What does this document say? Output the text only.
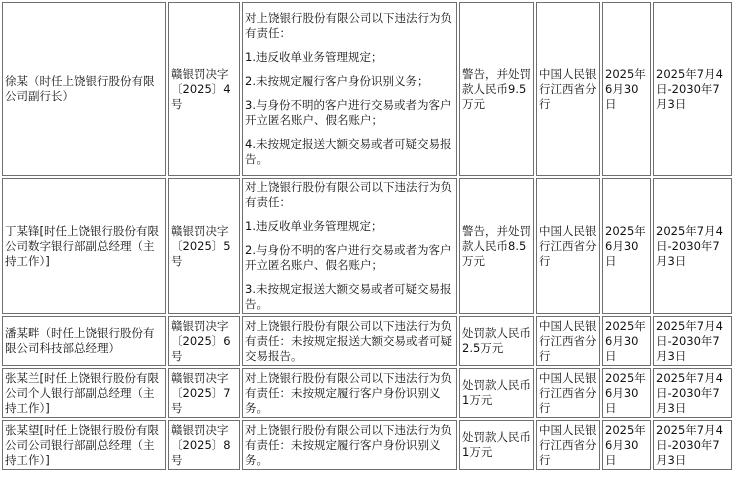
徐某（时任上饶银行股份有限公司副行长）	赣银罚决字〔2025〕4号	对上饶银行股份有限公司以下违法行为负有责任：
1.违反收单业务管理规定；
2.未按规定履行客户身份识别义务；
3.与身份不明的客户进行交易或者为客户开立匿名账户、假名账户；
4.未按规定报送大额交易或者可疑交易报告。	警告，并处罚款人民币9.5万元	中国人民银行江西省分行	2025年6月30日	2025年7月4日-2030年7月3日
丁某锋[时任上饶银行股份有限公司数字银行部副总经理（主持工作）]	赣银罚决字〔2025〕5号	对上饶银行股份有限公司以下违法行为负有责任：
1.违反收单业务管理规定；
2.与身份不明的客户进行交易或者为客户开立匿名账户、假名账户；
3.未按规定报送大额交易或者可疑交易报告。	警告，并处罚款人民币8.5万元	中国人民银行江西省分行	2025年6月30日	2025年7月4日-2030年7月3日
潘某畔（时任上饶银行股份有限公司科技部总经理）	赣银罚决字〔2025〕6号	对上饶银行股份有限公司以下违法行为负有责任：未按规定报送大额交易或者可疑交易报告。	处罚款人民币2.5万元	中国人民银行江西省分行	2025年6月30日	2025年7月4日-2030年7月3日
张某兰[时任上饶银行股份有限公司个人银行部副总经理（主持工作）]	赣银罚决字〔2025〕7号	对上饶银行股份有限公司以下违法行为负有责任：未按规定履行客户身份识别义务。	处罚款人民币1万元	中国人民银行江西省分行	2025年6月30日	2025年7月4日-2030年7月3日
张某望[时任上饶银行股份有限公司公司银行部副总经理（主持工作）]	赣银罚决字〔2025〕8号	对上饶银行股份有限公司以下违法行为负有责任：未按规定履行客户身份识别义务。	处罚款人民币1万元	中国人民银行江西省分行	2025年6月30日	2025年7月4日-2030年7月3日
